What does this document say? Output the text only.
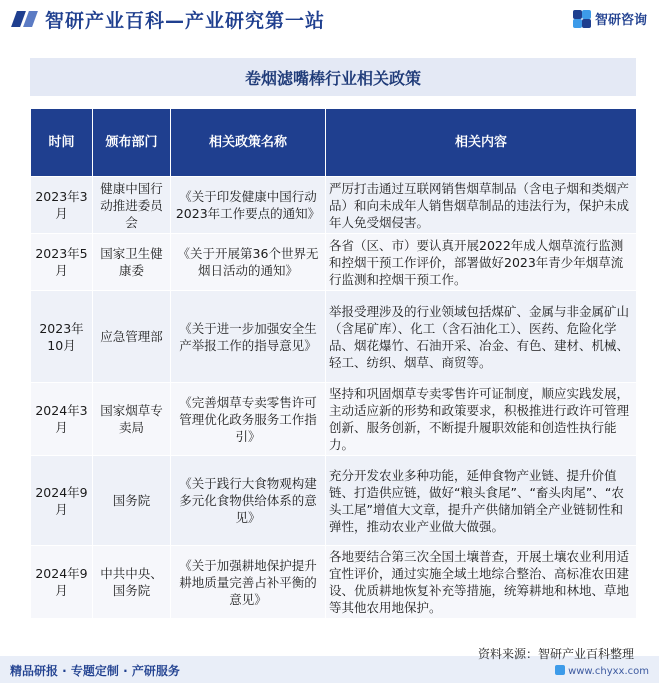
智研产业百科—产业研究第一站	智研咨询
卷烟滤嘴棒行业相关政策
时间	颁布部门	相关政策名称	相关内容
2023年3月	健康中国行动推进委员会	《关于印发健康中国行动2023年工作要点的通知》	严厉打击通过互联网销售烟草制品（含电子烟和类烟产品）和向未成年人销售烟草制品的违法行为，保护未成年人免受烟侵害。
2023年5月	国家卫生健康委	《关于开展第36个世界无烟日活动的通知》	各省（区、市）要认真开展2022年成人烟草流行监测和控烟干预工作评价，部署做好2023年青少年烟草流行监测和控烟干预工作。
2023年10月	应急管理部	《关于进一步加强安全生产举报工作的指导意见》	举报受理涉及的行业领域包括煤矿、金属与非金属矿山（含尾矿库）、化工（含石油化工）、医药、危险化学品、烟花爆竹、石油开采、冶金、有色、建材、机械、轻工、纺织、烟草、商贸等。
2024年3月	国家烟草专卖局	《完善烟草专卖零售许可管理优化政务服务工作指引》	坚持和巩固烟草专卖零售许可证制度，顺应实践发展，主动适应新的形势和政策要求，积极推进行政许可管理创新、服务创新，不断提升履职效能和创造性执行能力。
2024年9月	国务院	《关于践行大食物观构建多元化食物供给体系的意见》	充分开发农业多种功能，延伸食物产业链、提升价值链、打造供应链，做好“粮头食尾”、“畜头肉尾”、“农头工尾”增值大文章，提升产供储加销全产业链韧性和弹性，推动农业产业做大做强。
2024年9月	中共中央、国务院	《关于加强耕地保护提升耕地质量完善占补平衡的意见》	各地要结合第三次全国土壤普查，开展土壤农业利用适宜性评价，通过实施全域土地综合整治、高标准农田建设、优质耕地恢复补充等措施，统筹耕地和林地、草地等其他农用地保护。
资料来源：智研产业百科整理
精品研报 · 专题定制 · 产研服务	www.chyxx.com
